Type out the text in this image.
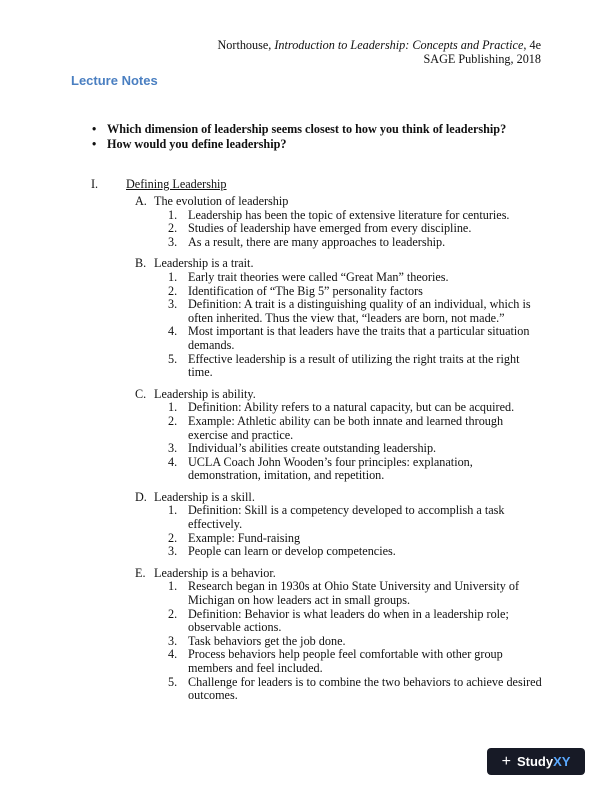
Northouse, Introduction to Leadership: Concepts and Practice, 4e
SAGE Publishing, 2018
Lecture Notes
• Which dimension of leadership seems closest to how you think of leadership?
• How would you define leadership?
I. Defining Leadership
A. The evolution of leadership
1. Leadership has been the topic of extensive literature for centuries.
2. Studies of leadership have emerged from every discipline.
3. As a result, there are many approaches to leadership.
B. Leadership is a trait.
1. Early trait theories were called “Great Man” theories.
2. Identification of “The Big 5” personality factors
3. Definition: A trait is a distinguishing quality of an individual, which is often inherited. Thus the view that, “leaders are born, not made.”
4. Most important is that leaders have the traits that a particular situation demands.
5. Effective leadership is a result of utilizing the right traits at the right time.
C. Leadership is ability.
1. Definition: Ability refers to a natural capacity, but can be acquired.
2. Example: Athletic ability can be both innate and learned through exercise and practice.
3. Individual’s abilities create outstanding leadership.
4. UCLA Coach John Wooden’s four principles: explanation, demonstration, imitation, and repetition.
D. Leadership is a skill.
1. Definition: Skill is a competency developed to accomplish a task effectively.
2. Example: Fund-raising
3. People can learn or develop competencies.
E. Leadership is a behavior.
1. Research began in 1930s at Ohio State University and University of Michigan on how leaders act in small groups.
2. Definition: Behavior is what leaders do when in a leadership role; observable actions.
3. Task behaviors get the job done.
4. Process behaviors help people feel comfortable with other group members and feel included.
5. Challenge for leaders is to combine the two behaviors to achieve desired outcomes.
+ Study XY
